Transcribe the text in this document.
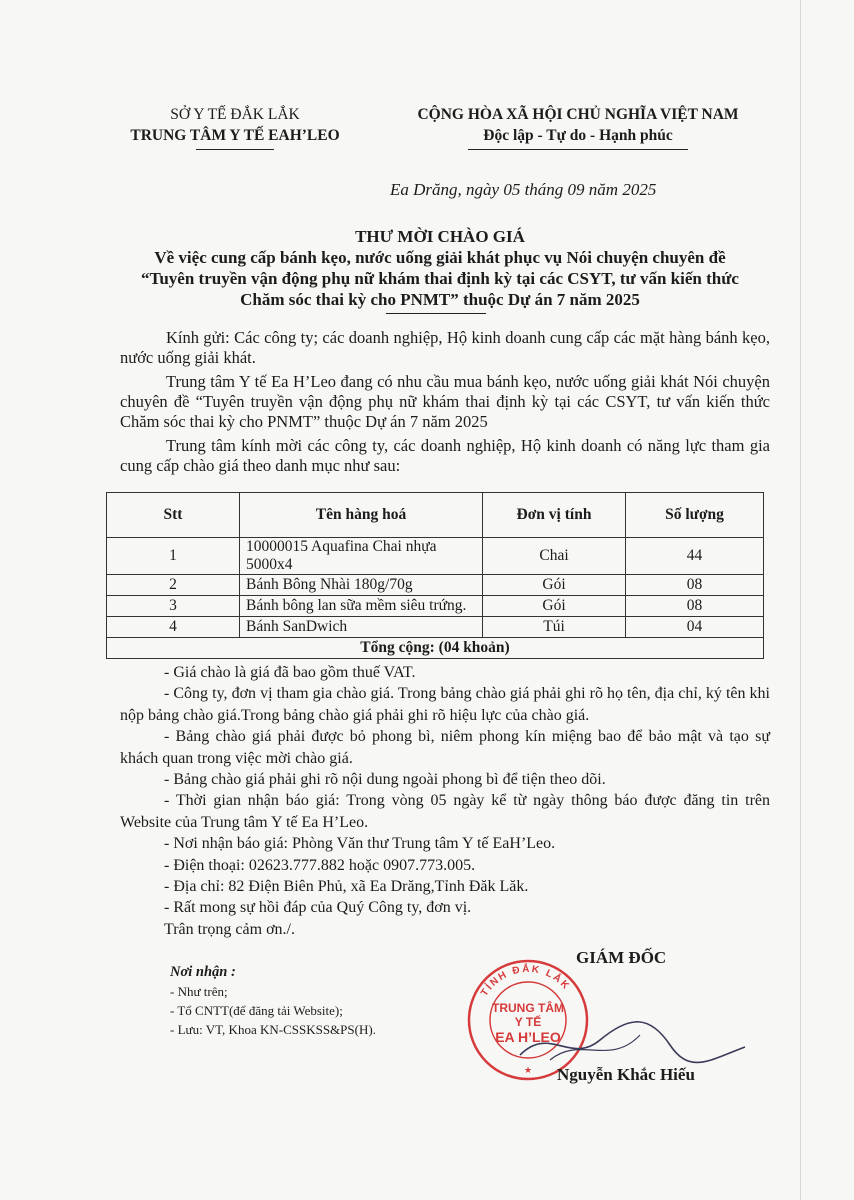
SỞ Y TẾ ĐẮK LẮK
TRUNG TÂM Y TẾ EAH’LEO
CỘNG HÒA XÃ HỘI CHỦ NGHĨA VIỆT NAM
Độc lập - Tự do - Hạnh phúc
Ea Drăng, ngày 05 tháng 09 năm 2025
THƯ MỜI CHÀO GIÁ
Về việc cung cấp bánh kẹo, nước uống giải khát phục vụ Nói chuyện chuyên đề
“Tuyên truyền vận động phụ nữ khám thai định kỳ tại các CSYT, tư vấn kiến thức
Chăm sóc thai kỳ cho PNMT” thuộc Dự án 7 năm 2025

Kính gửi: Các công ty; các doanh nghiệp, Hộ kinh doanh cung cấp các mặt hàng bánh kẹo, nước uống giải khát.

Trung tâm Y tế Ea H’Leo đang có nhu cầu mua bánh kẹo, nước uống giải khát Nói chuyện chuyên đề “Tuyên truyền vận động phụ nữ khám thai định kỳ tại các CSYT, tư vấn kiến thức Chăm sóc thai kỳ cho PNMT” thuộc Dự án 7 năm 2025

Trung tâm kính mời các công ty, các doanh nghiệp, Hộ kinh doanh có năng lực tham gia cung cấp chào giá theo danh mục như sau:

Stt	Tên hàng hoá	Đơn vị tính	Số lượng
1	10000015 Aquafina Chai nhựa 5000x4	Chai	44
2	Bánh Bông Nhài 180g/70g	Gói	08
3	Bánh bông lan sữa mềm siêu trứng.	Gói	08
4	Bánh SanDwich	Túi	04
Tổng cộng: (04 khoản)			

- Giá chào là giá đã bao gồm thuế VAT.

- Công ty, đơn vị tham gia chào giá. Trong bảng chào giá phải ghi rõ họ tên, địa chỉ, ký tên khi nộp bảng chào giá.Trong bảng chào giá phải ghi rõ hiệu lực của chào giá.

- Bảng chào giá phải được bỏ phong bì, niêm phong kín miệng bao để bảo mật và tạo sự khách quan trong việc mời chào giá.

- Bảng chào giá phải ghi rõ nội dung ngoài phong bì để tiện theo dõi.

- Thời gian nhận báo giá: Trong vòng 05 ngày kể từ ngày thông báo được đăng tin trên Website của Trung tâm Y tế Ea H’Leo.

- Nơi nhận báo giá: Phòng Văn thư Trung tâm Y tế EaH’Leo.

- Điện thoại: 02623.777.882 hoặc 0907.773.005.

- Địa chỉ: 82 Điện Biên Phủ, xã Ea Drăng,Tỉnh Đăk Lăk.

- Rất mong sự hồi đáp của Quý Công ty, đơn vị.

Trân trọng cảm ơn./.

Nơi nhận :
- Như trên;
- Tổ CNTT(để đăng tải Website);
- Lưu: VT, Khoa KN-CSSKSS&PS(H).
GIÁM ĐỐC
TỈNH ĐẮK LẮK
TRUNG TÂM
Y TẾ
EA H’LEO
★ Nguyễn Khắc Hiếu
